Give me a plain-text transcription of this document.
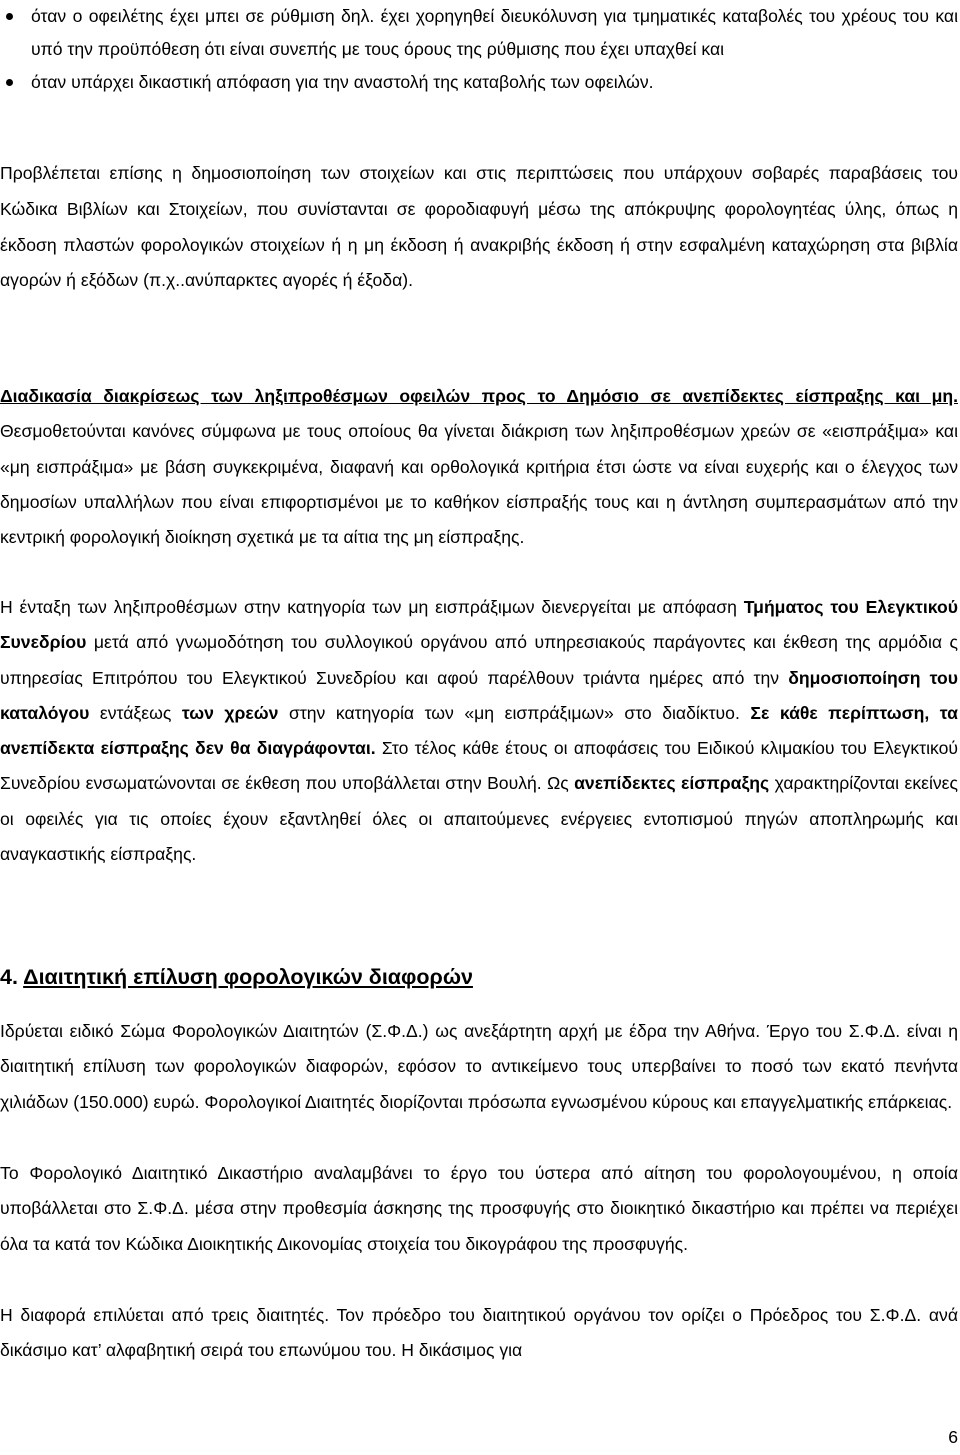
όταν ο οφειλέτης έχει μπει σε ρύθμιση δηλ. έχει χορηγηθεί διευκόλυνση για τμηματικές καταβολές του χρέους του και υπό την προϋπόθεση ότι είναι συνεπής με τους όρους της ρύθμισης που έχει υπαχθεί και
όταν υπάρχει δικαστική απόφαση για την αναστολή της καταβολής των οφειλών.

Προβλέπεται επίσης η δημοσιοποίηση των στοιχείων και στις περιπτώσεις που υπάρχουν σοβαρές παραβάσεις του Κώδικα Βιβλίων και Στοιχείων, που συνίστανται σε φοροδιαφυγή μέσω της απόκρυψης φορολογητέας ύλης, όπως η έκδοση πλαστών φορολογικών στοιχείων ή η μη έκδοση ή ανακριβής έκδοση ή στην εσφαλμένη καταχώρηση στα βιβλία αγορών ή εξόδων (π.χ..ανύπαρκτες αγορές ή έξοδα).

Διαδικασία διακρίσεως των ληξιπροθέσμων οφειλών προς το Δημόσιο σε ανεπίδεκτες είσπραξης και μη. Θεσμοθετούνται κανόνες σύμφωνα με τους οποίους θα γίνεται διάκριση των ληξιπροθέσμων χρεών σε «εισπράξιμα» και «μη εισπράξιμα» με βάση συγκεκριμένα, διαφανή και ορθολογικά κριτήρια έτσι ώστε να είναι ευχερής και ο έλεγχος των δημοσίων υπαλλήλων που είναι επιφορτισμένοι με το καθήκον είσπραξής τους και η άντληση συμπερασμάτων από την κεντρική φορολογική διοίκηση σχετικά με τα αίτια της μη είσπραξης.

Η ένταξη των ληξιπροθέσμων στην κατηγορία των μη εισπράξιμων διενεργείται με απόφαση Τμήματος του Ελεγκτικού Συνεδρίου μετά από γνωμοδότηση του συλλογικού οργάνου από υπηρεσιακούς παράγοντες και έκθεση της αρμόδια ς υπηρεσίας Επιτρόπου του Ελεγκτικού Συνεδρίου και αφού παρέλθουν τριάντα ημέρες από την δημοσιοποίηση του καταλόγου εντάξεως των χρεών στην κατηγορία των «μη εισπράξιμων» στο διαδίκτυο. Σε κάθε περίπτωση, τα ανεπίδεκτα είσπραξης δεν θα διαγράφονται. Στο τέλος κάθε έτους οι αποφάσεις του Ειδικού κλιμακίου του Ελεγκτικού Συνεδρίου ενσωματώνονται σε έκθεση που υποβάλλεται στην Βουλή. Ως ανεπίδεκτες είσπραξης χαρακτηρίζονται εκείνες οι οφειλές για τις οποίες έχουν εξαντληθεί όλες οι απαιτούμενες ενέργειες εντοπισμού πηγών αποπληρωμής και αναγκαστικής είσπραξης.

4. Διαιτητική επίλυση φορολογικών διαφορών

Ιδρύεται ειδικό Σώμα Φορολογικών Διαιτητών (Σ.Φ.Δ.) ως ανεξάρτητη αρχή με έδρα την Αθήνα. Έργο του Σ.Φ.Δ. είναι η διαιτητική επίλυση των φορολογικών διαφορών, εφόσον το αντικείμενο τους υπερβαίνει το ποσό των εκατό πενήντα χιλιάδων (150.000) ευρώ. Φορολογικοί Διαιτητές διορίζονται πρόσωπα εγνωσμένου κύρους και επαγγελματικής επάρκειας.

Το Φορολογικό Διαιτητικό Δικαστήριο αναλαμβάνει το έργο του ύστερα από αίτηση του φορολογουμένου, η οποία υποβάλλεται στο Σ.Φ.Δ. μέσα στην προθεσμία άσκησης της προσφυγής στο διοικητικό δικαστήριο και πρέπει να περιέχει όλα τα κατά τον Κώδικα Διοικητικής Δικονομίας στοιχεία του δικογράφου της προσφυγής.

Η διαφορά επιλύεται από τρεις διαιτητές. Τον πρόεδρο του διαιτητικού οργάνου τον ορίζει ο Πρόεδρος του Σ.Φ.Δ. ανά δικάσιμο κατ’ αλφαβητική σειρά του επωνύμου του. Η δικάσιμος για

6
